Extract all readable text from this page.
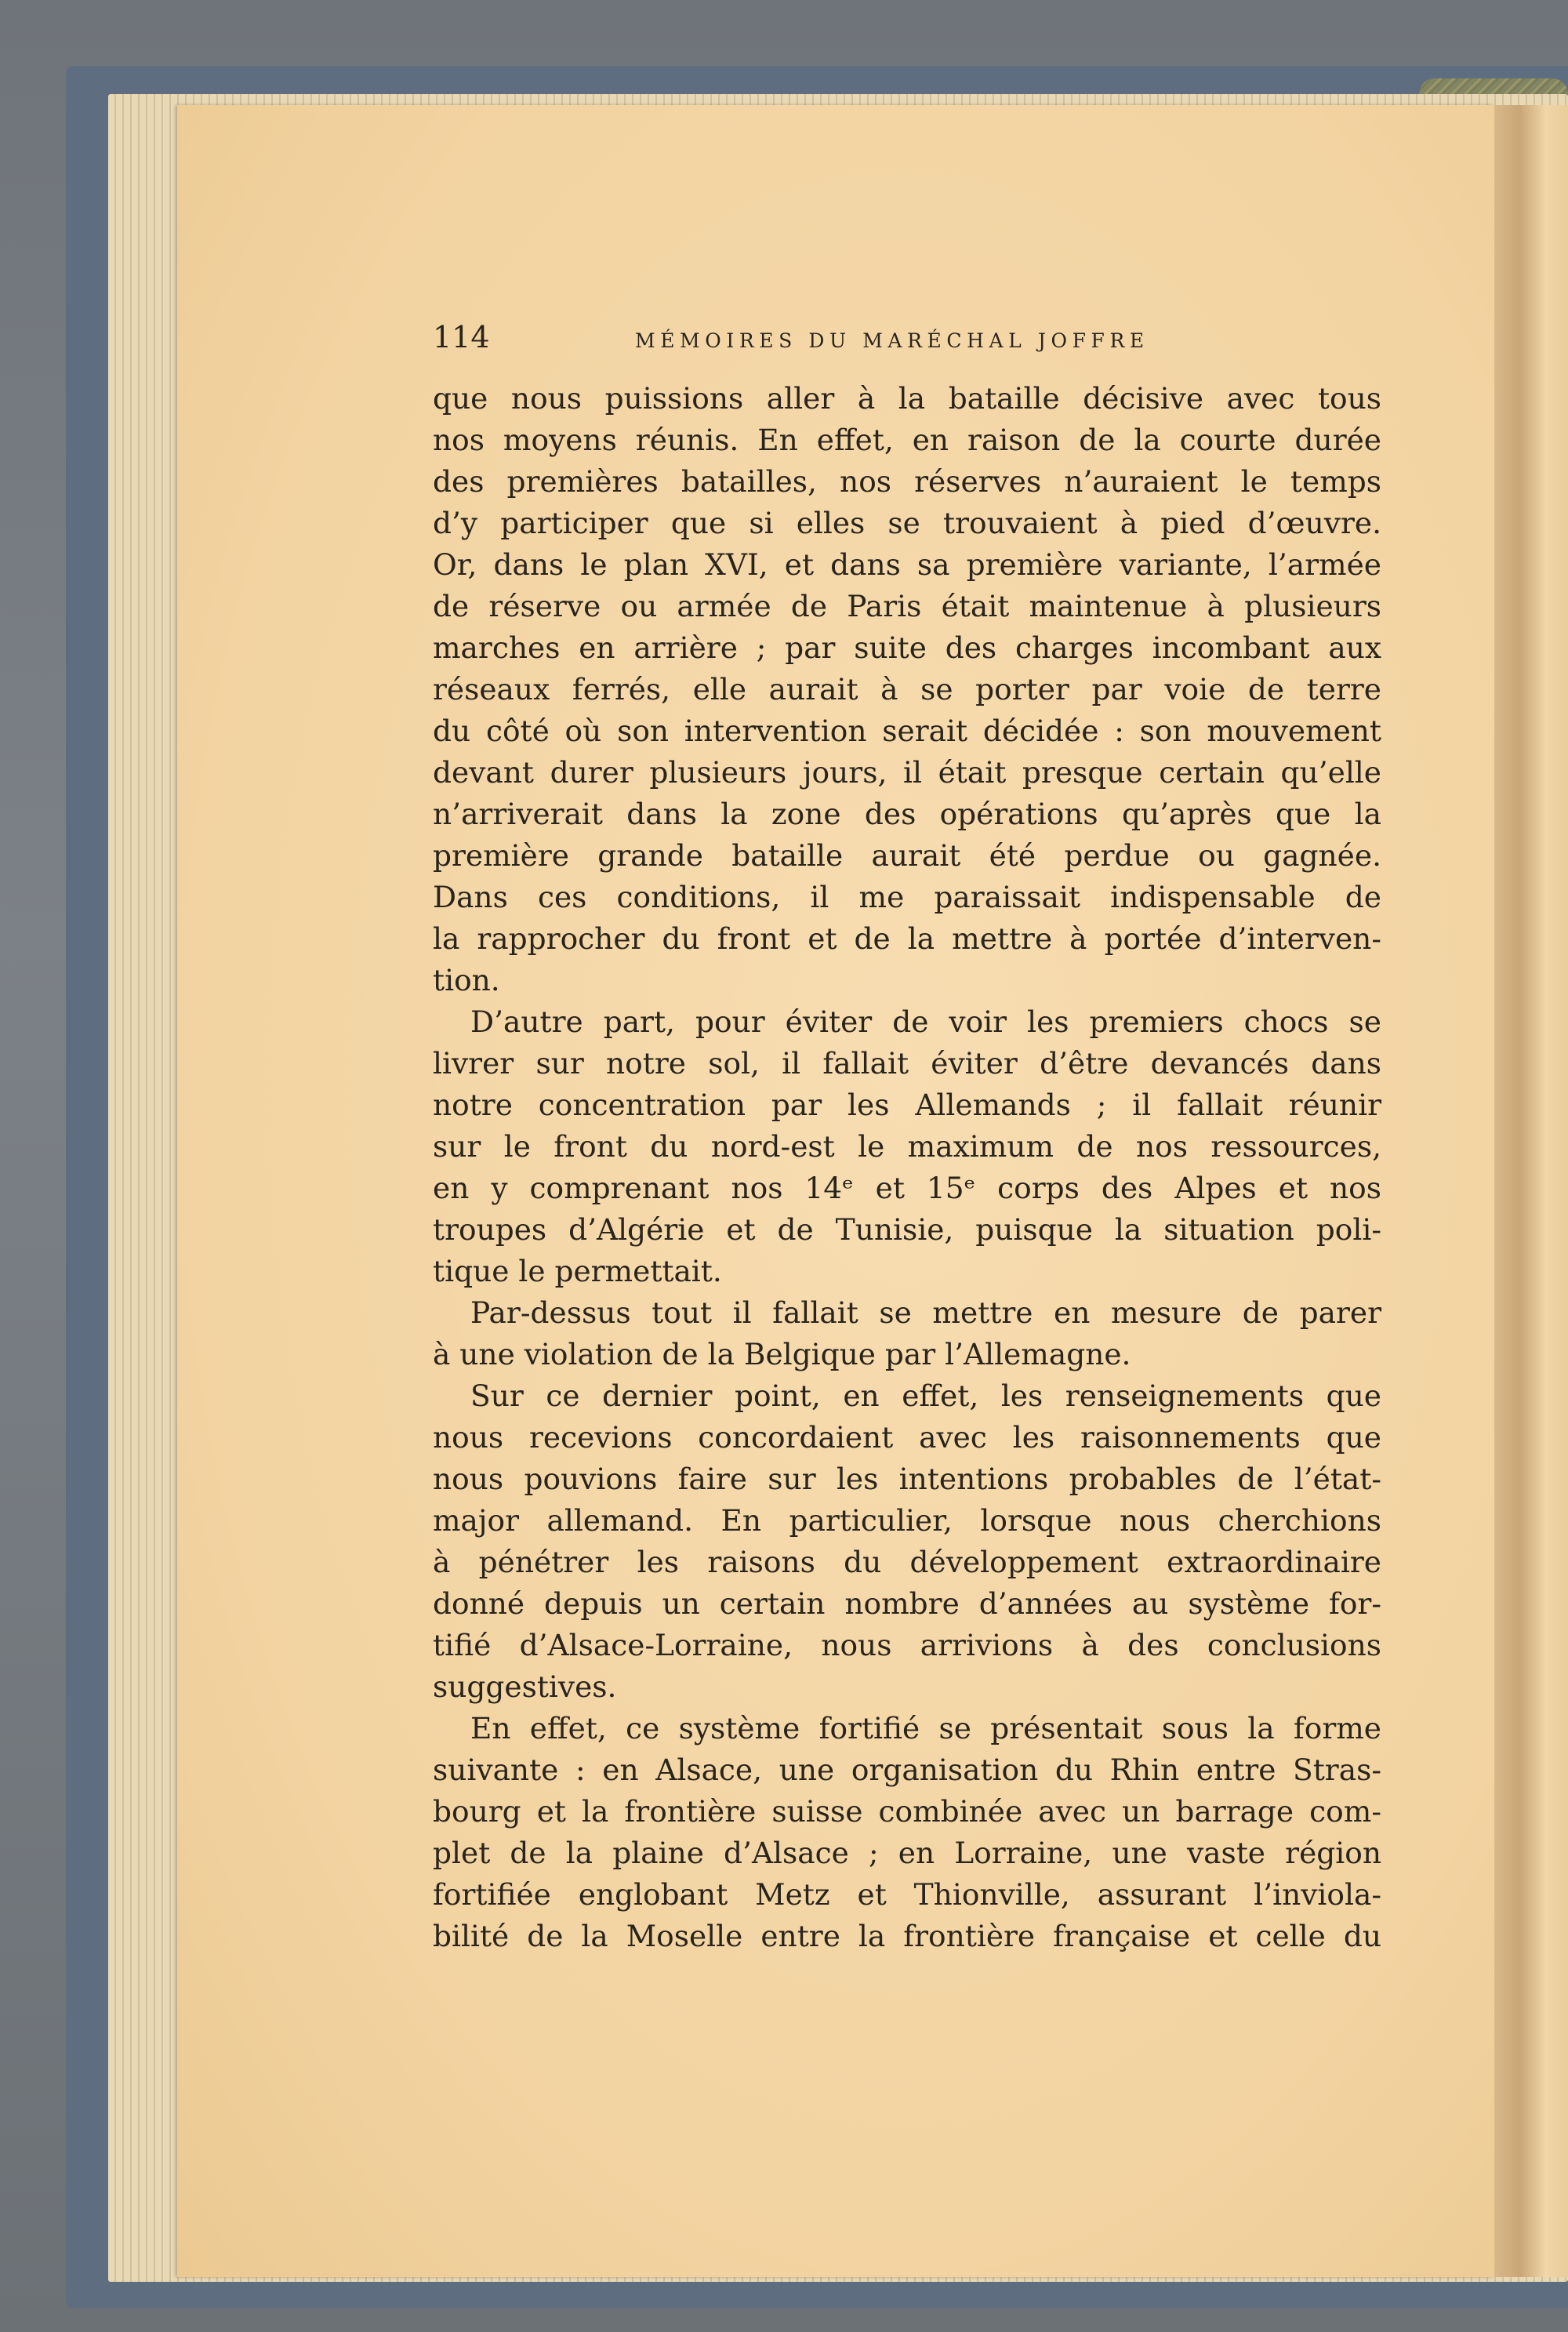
114	MÉMOIRES DU MARÉCHAL JOFFRE
que nous puissions aller à la bataille décisive avec tous
nos moyens réunis. En effet, en raison de la courte durée
des premières batailles, nos réserves n’auraient le temps
d’y participer que si elles se trouvaient à pied d’œuvre.
Or, dans le plan XVI, et dans sa première variante, l’armée
de réserve ou armée de Paris était maintenue à plusieurs
marches en arrière ; par suite des charges incombant aux
réseaux ferrés, elle aurait à se porter par voie de terre
du côté où son intervention serait décidée : son mouvement
devant durer plusieurs jours, il était presque certain qu’elle
n’arriverait dans la zone des opérations qu’après que la
première grande bataille aurait été perdue ou gagnée.
Dans ces conditions, il me paraissait indispensable de
la rapprocher du front et de la mettre à portée d’interven-
tion.
D’autre part, pour éviter de voir les premiers chocs se
livrer sur notre sol, il fallait éviter d’être devancés dans
notre concentration par les Allemands ; il fallait réunir
sur le front du nord-est le maximum de nos ressources,
en y comprenant nos 14ᵉ et 15ᵉ corps des Alpes et nos
troupes d’Algérie et de Tunisie, puisque la situation poli-
tique le permettait.
Par-dessus tout il fallait se mettre en mesure de parer
à une violation de la Belgique par l’Allemagne.
Sur ce dernier point, en effet, les renseignements que
nous recevions concordaient avec les raisonnements que
nous pouvions faire sur les intentions probables de l’état-
major allemand. En particulier, lorsque nous cherchions
à pénétrer les raisons du développement extraordinaire
donné depuis un certain nombre d’années au système for-
tifié d’Alsace-Lorraine, nous arrivions à des conclusions
suggestives.
En effet, ce système fortifié se présentait sous la forme
suivante : en Alsace, une organisation du Rhin entre Stras-
bourg et la frontière suisse combinée avec un barrage com-
plet de la plaine d’Alsace ; en Lorraine, une vaste région
fortifiée englobant Metz et Thionville, assurant l’inviola-
bilité de la Moselle entre la frontière française et celle du
